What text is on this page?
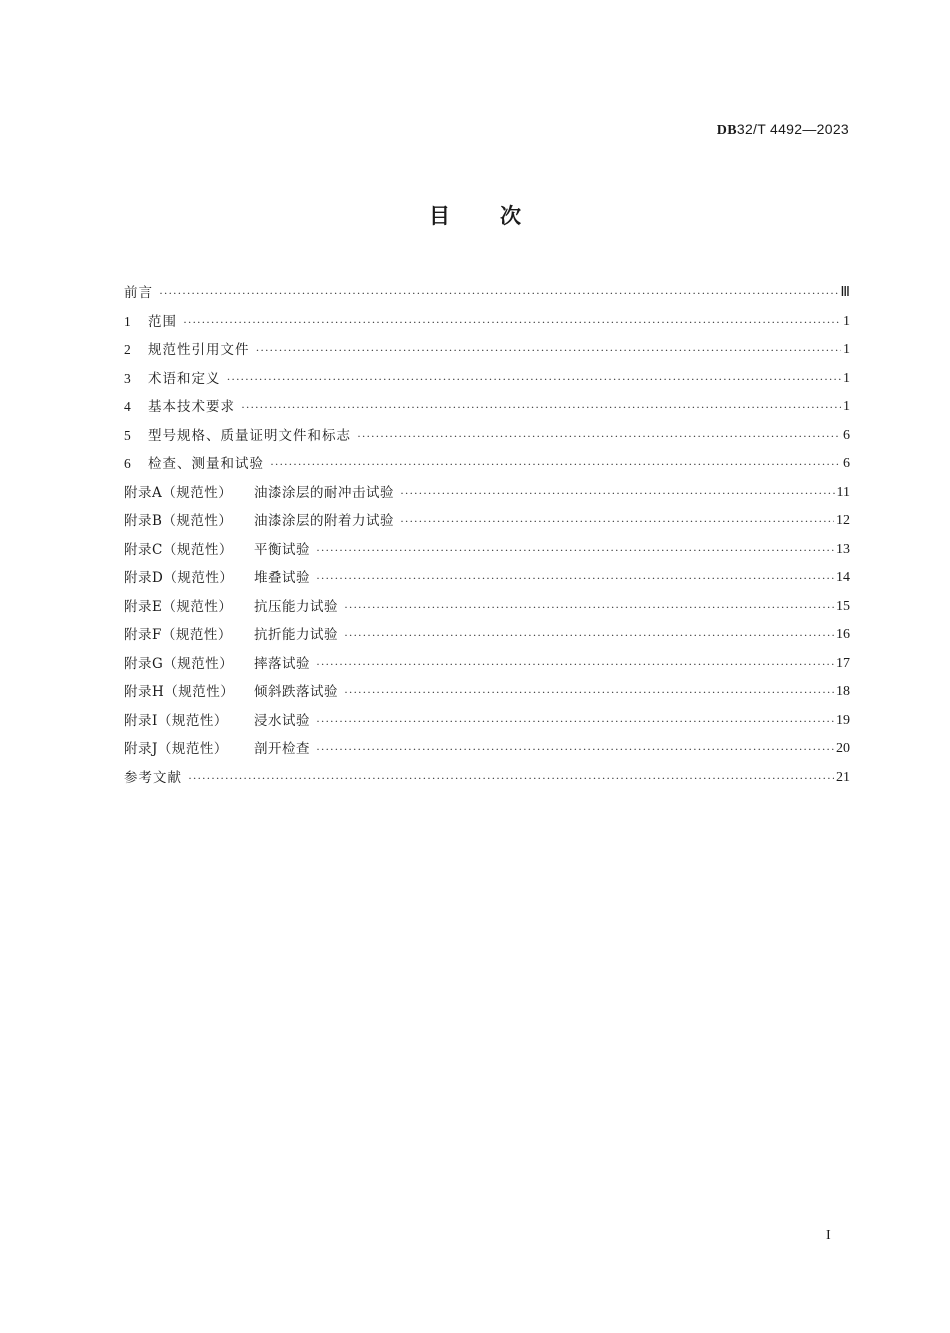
DB32/T 4492—2023
目 次
前言 ·····	Ⅲ
1	范围 ·····	1
2	规范性引用文件 ·····	1
3	术语和定义 ·····	1
4	基本技术要求 ·····	1
5	型号规格、质量证明文件和标志 ·····	6
6	检查、测量和试验 ·····	6
附录A（规范性）	油漆涂层的耐冲击试验 ·····	11
附录B（规范性）	油漆涂层的附着力试验 ·····	12
附录C（规范性）	平衡试验 ·····	13
附录D（规范性）	堆叠试验 ·····	14
附录E（规范性）	抗压能力试验 ·····	15
附录F（规范性）	抗折能力试验 ·····	16
附录G（规范性）	摔落试验 ·····	17
附录H（规范性）	倾斜跌落试验 ·····	18
附录I（规范性）	浸水试验 ·····	19
附录J（规范性）	剖开检查 ·····	20
参考文献 ·····	21
I
